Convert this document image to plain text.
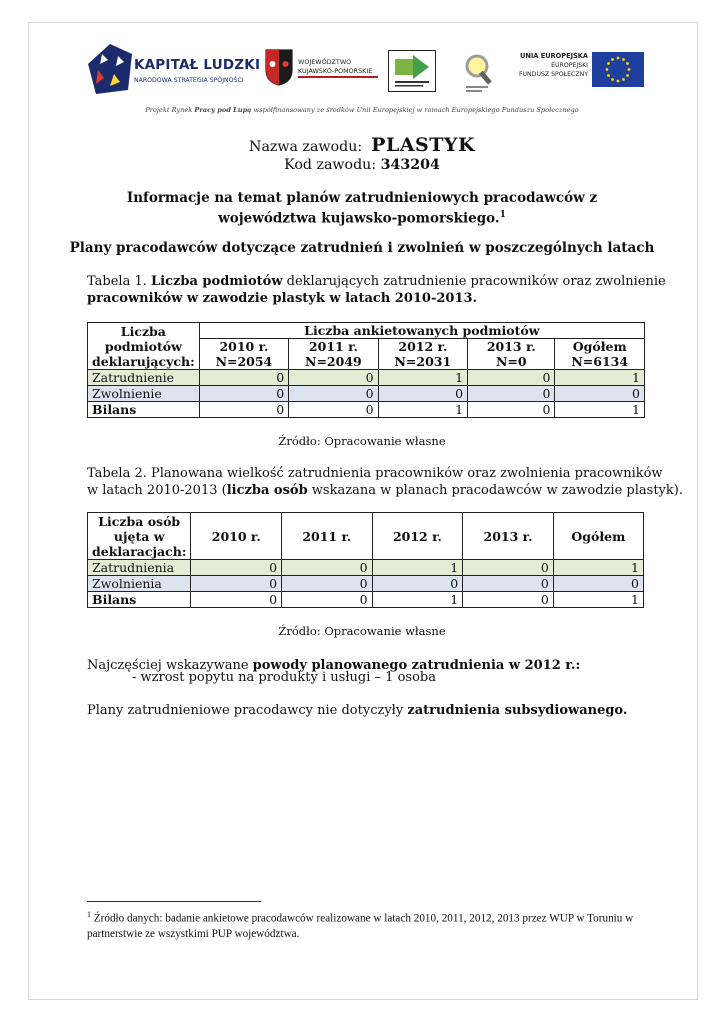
KAPITAŁ LUDZKI
NARODOWA STRATEGIA SPÓJNOŚCI
WOJEWÓDZTWO
KUJAWSKO-POMORSKIE
UNIA EUROPEJSKA
EUROPEJSKI
FUNDUSZ SPOŁECZNY
Projekt Rynek Pracy pod Lupą współfinansowany ze środków Unii Europejskiej w ramach Europejskiego Funduszu Społecznego
Nazwa zawodu: PLASTYK
Kod zawodu: 343204
Informacje na temat planów zatrudnieniowych pracodawców z województwa kujawsko-pomorskiego.$^1$
Plany pracodawców dotyczące zatrudnień i zwolnień w poszczególnych latach
Tabela 1. Liczba podmiotów deklarujących zatrudnienie pracowników oraz zwolnienie
pracowników w zawodzie plastyk w latach 2010-2013.
Liczba podmiotów deklarujących:	Liczba ankietowanych podmiotów				
	2010 r. N=2054	2011 r. N=2049	2012 r. N=2031	2013 r. N=0	Ogółem N=6134
Zatrudnienie	0	0	1	0	1
Zwolnienie	0	0	0	0	0
Bilans	0	0	1	0	1
Źródło: Opracowanie własne
Tabela 2. Planowana wielkość zatrudnienia pracowników oraz zwolnienia pracowników
w latach 2010-2013 (liczba osób wskazana w planach pracodawców w zawodzie plastyk).
Liczba osób ujęta w deklaracjach:	2010 r.	2011 r.	2012 r.	2013 r.	Ogółem
Zatrudnienia	0	0	1	0	1
Zwolnienia	0	0	0	0	0
Bilans	0	0	1	0	1
Źródło: Opracowanie własne
Najczęściej wskazywane powody planowanego zatrudnienia w 2012 r.:
- wzrost popytu na produkty i usługi – 1 osoba
Plany zatrudnieniowe pracodawcy nie dotyczyły zatrudnienia subsydiowanego.
$^1$ Źródło danych: badanie ankietowe pracodawców realizowane w latach 2010, 2011, 2012, 2013 przez WUP w Toruniu w partnerstwie ze wszystkimi PUP województwa.
